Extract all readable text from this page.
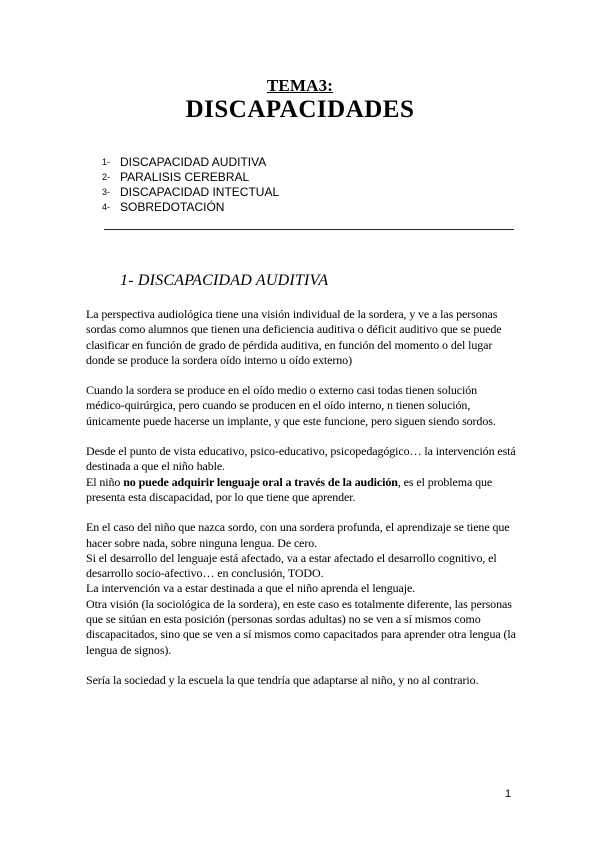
TEMA3:
DISCAPACIDADES
1- DISCAPACIDAD AUDITIVA
2- PARALISIS CEREBRAL
3- DISCAPACIDAD INTECTUAL
4- SOBREDOTACIÓN
1- DISCAPACIDAD AUDITIVA

La perspectiva audiológica tiene una visión individual de la sordera, y ve a las personas sordas como alumnos que tienen una deficiencia auditiva o déficit auditivo que se puede clasificar en función de grado de pérdida auditiva, en función del momento o del lugar donde se produce la sordera oído interno u oído externo)

Cuando la sordera se produce en el oído medio o externo casi todas tienen solución médico-quirúrgica, pero cuando se producen en el oído interno, n tienen solución, únicamente puede hacerse un implante, y que este funcione, pero siguen siendo sordos.

Desde el punto de vista educativo, psico-educativo, psicopedagógico… la intervención está destinada a que el niño hable.
El niño no puede adquirir lenguaje oral a través de la audición, es el problema que presenta esta discapacidad, por lo que tiene que aprender.

En el caso del niño que nazca sordo, con una sordera profunda, el aprendizaje se tiene que hacer sobre nada, sobre ninguna lengua. De cero.
Si el desarrollo del lenguaje está afectado, va a estar afectado el desarrollo cognitivo, el desarrollo socio-afectivo… en conclusión, TODO.
La intervención va a estar destinada a que el niño aprenda el lenguaje.
Otra visión (la sociológica de la sordera), en este caso es totalmente diferente, las personas que se sitúan en esta posición (personas sordas adultas) no se ven a sí mismos como discapacitados, sino que se ven a sí mismos como capacitados para aprender otra lengua (la lengua de signos).

Sería la sociedad y la escuela la que tendría que adaptarse al niño, y no al contrario.

1
